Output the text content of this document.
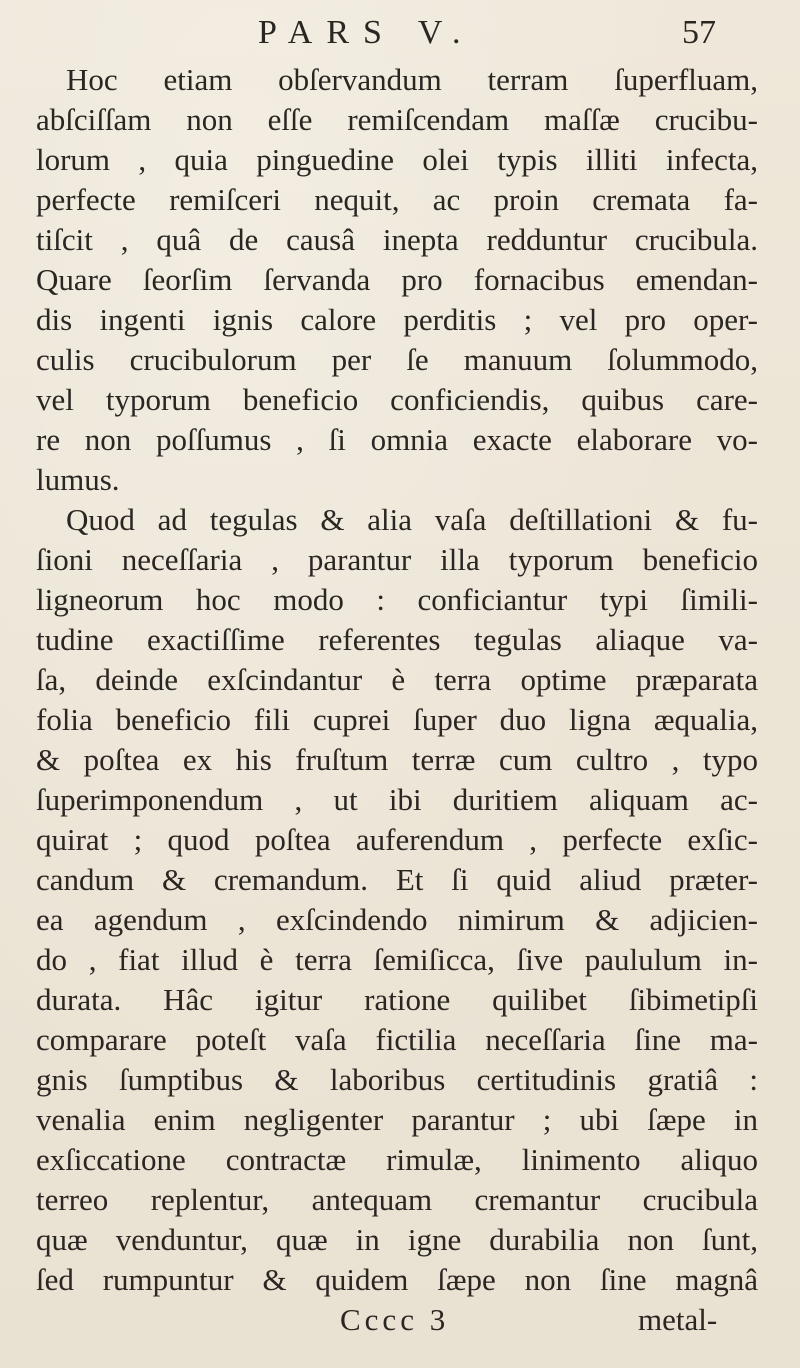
PARS V.	57
Hoc etiam obſervandum terram ſuperfluam,
abſciſſam non eſſe remiſcendam maſſæ crucibu-
lorum , quia pinguedine olei typis illiti infecta,
perfecte remiſceri nequit, ac proin cremata fa-
tiſcit , quâ de causâ inepta redduntur crucibula.
Quare ſeorſim ſervanda pro fornacibus emendan-
dis ingenti ignis calore perditis ; vel pro oper-
culis crucibulorum per ſe manuum ſolummodo,
vel typorum beneficio conficiendis, quibus care-
re non poſſumus , ſi omnia exacte elaborare vo-
lumus.
Quod ad tegulas & alia vaſa deſtillationi & fu-
ſioni neceſſaria , parantur illa typorum beneficio
ligneorum hoc modo : conficiantur typi ſimili-
tudine exactiſſime referentes tegulas aliaque va-
ſa, deinde exſcindantur è terra optime præparata
folia beneficio fili cuprei ſuper duo ligna æqualia,
& poſtea ex his fruſtum terræ cum cultro , typo
ſuperimponendum , ut ibi duritiem aliquam ac-
quirat ; quod poſtea auferendum , perfecte exſic-
candum & cremandum. Et ſi quid aliud præter-
ea agendum , exſcindendo nimirum & adjicien-
do , fiat illud è terra ſemiſicca, ſive paululum in-
durata. Hâc igitur ratione quilibet ſibimetipſi
comparare poteſt vaſa fictilia neceſſaria ſine ma-
gnis ſumptibus & laboribus certitudinis gratiâ :
venalia enim negligenter parantur ; ubi ſæpe in
exſiccatione contractæ rimulæ, linimento aliquo
terreo replentur, antequam cremantur crucibula
quæ venduntur, quæ in igne durabilia non ſunt,
ſed rumpuntur & quidem ſæpe non ſine magnâ
Cccc 3	metal-
